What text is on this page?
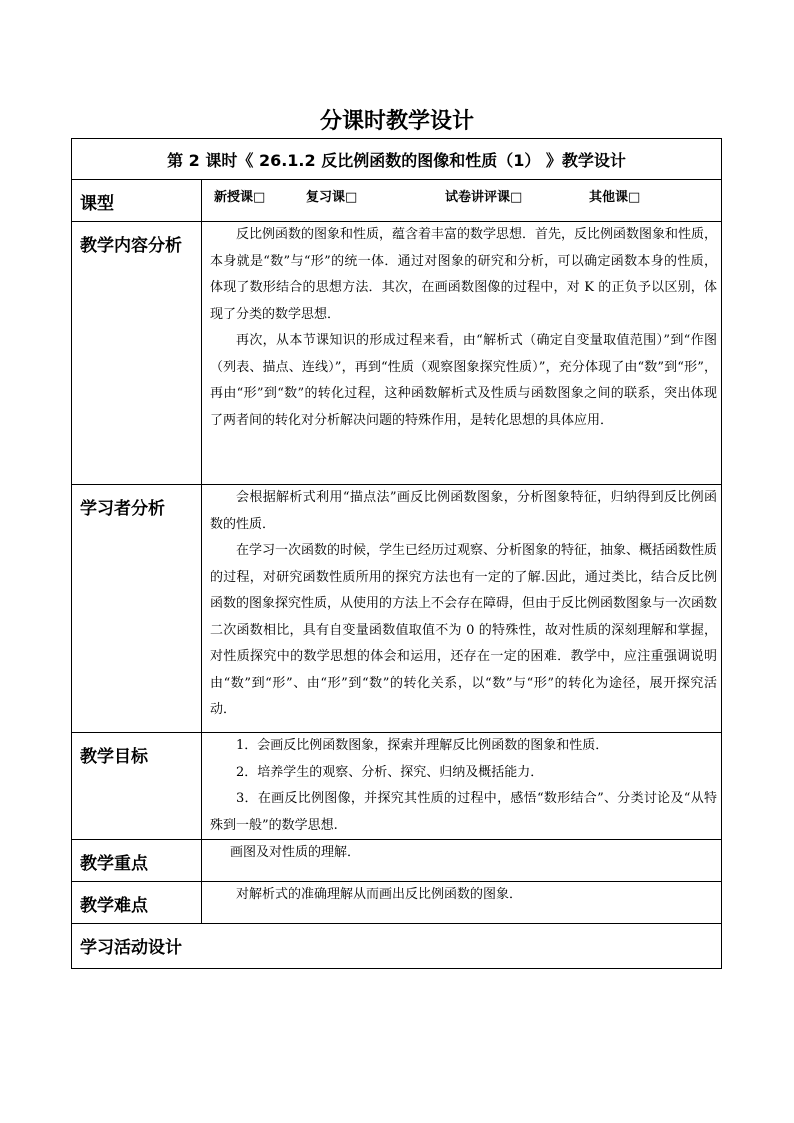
分课时教学设计
第 2 课时《 26.1.2 反比例函数的图像和性质（1） 》教学设计	
课型	新授课□ 复习课□ 试卷讲评课□ 其他课□

教学内容分析	反比例函数的图象和性质，蕴含着丰富的数学思想．首先，反比例函数图象和性质，本身就是“数”与“形”的统一体．通过对图象的研究和分析，可以确定函数本身的性质，体现了数形结合的思想方法．其次，在画函数图像的过程中，对 K 的正负予以区别，体现了分类的数学思想．

再次，从本节课知识的形成过程来看，由“解析式（确定自变量取值范围）”到“作图（列表、描点、连线）”，再到“性质（观察图象探究性质）”，充分体现了由“数”到“形”，再由“形”到“数”的转化过程，这种函数解析式及性质与函数图象之间的联系，突出体现了两者间的转化对分析解决问题的特殊作用，是转化思想的具体应用．

学习者分析	会根据解析式利用“描点法”画反比例函数图象，分析图象特征，归纳得到反比例函数的性质．

在学习一次函数的时候，学生已经历过观察、分析图象的特征，抽象、概括函数性质的过程，对研究函数性质所用的探究方法也有一定的了解.因此，通过类比，结合反比例函数的图象探究性质，从使用的方法上不会存在障碍，但由于反比例函数图象与一次函数二次函数相比，具有自变量函数值取值不为 0 的特殊性，故对性质的深刻理解和掌握，对性质探究中的数学思想的体会和运用，还存在一定的困难．教学中，应注重强调说明由“数”到“形”、由“形”到“数”的转化关系，以“数”与“形”的转化为途径，展开探究活动．

教学目标	1．会画反比例函数图象，探索并理解反比例函数的图象和性质．

2．培养学生的观察、分析、探究、归纳及概括能力．

3．在画反比例图像，并探究其性质的过程中，感悟“数形结合”、分类讨论及“从特殊到一般”的数学思想.

教学重点	画图及对性质的理解．

教学难点	对解析式的准确理解从而画出反比例函数的图象．

学习活动设计	
